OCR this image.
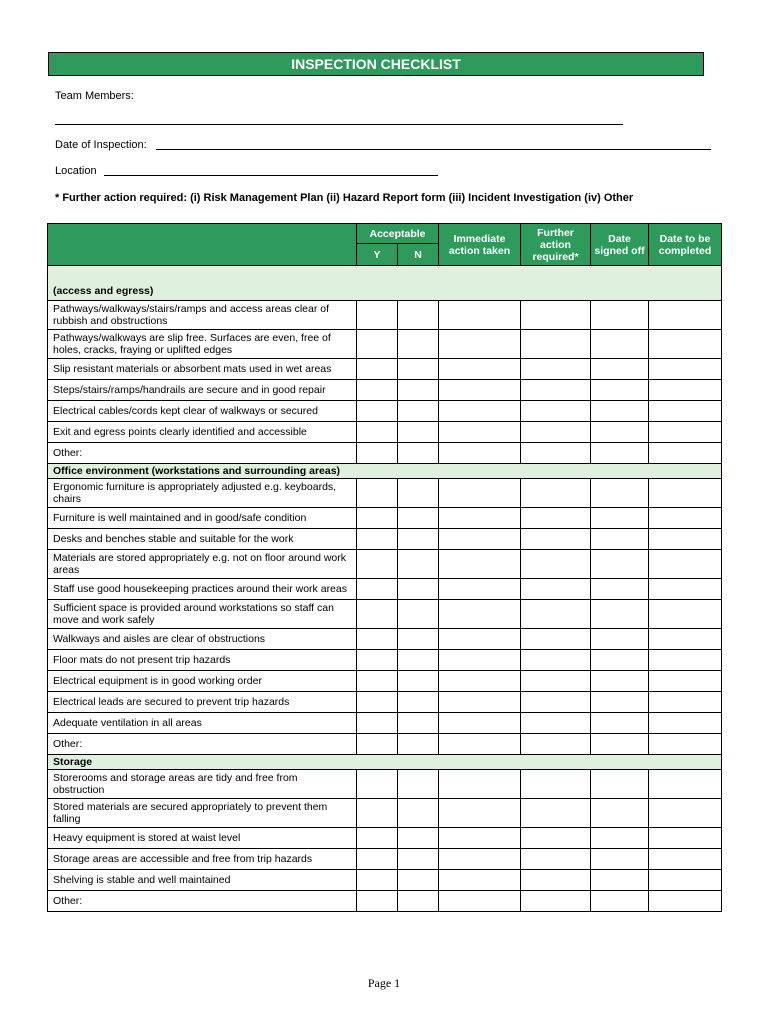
INSPECTION CHECKLIST
Team Members:
Date of Inspection:
Location
* Further action required: (i) Risk Management Plan (ii) Hazard Report form (iii) Incident Investigation (iv) Other
	Acceptable		Immediate action taken	Further action required*	Date signed off	Date to be completed
	Y	N				
(access and egress)						
Pathways/walkways/stairs/ramps and access areas clear of rubbish and obstructions						
Pathways/walkways are slip free. Surfaces are even, free of holes, cracks, fraying or uplifted edges						
Slip resistant materials or absorbent mats used in wet areas						
Steps/stairs/ramps/handrails are secure and in good repair						
Electrical cables/cords kept clear of walkways or secured						
Exit and egress points clearly identified and accessible						
Other:						
Office environment (workstations and surrounding areas)						
Ergonomic furniture is appropriately adjusted e.g. keyboards, chairs						
Furniture is well maintained and in good/safe condition						
Desks and benches stable and suitable for the work						
Materials are stored appropriately e.g. not on floor around work areas						
Staff use good housekeeping practices around their work areas						
Sufficient space is provided around workstations so staff can move and work safely						
Walkways and aisles are clear of obstructions						
Floor mats do not present trip hazards						
Electrical equipment is in good working order						
Electrical leads are secured to prevent trip hazards						
Adequate ventilation in all areas						
Other:						
Storage						
Storerooms and storage areas are tidy and free from obstruction						
Stored materials are secured appropriately to prevent them falling						
Heavy equipment is stored at waist level						
Storage areas are accessible and free from trip hazards						
Shelving is stable and well maintained						
Other:						
Page 1
